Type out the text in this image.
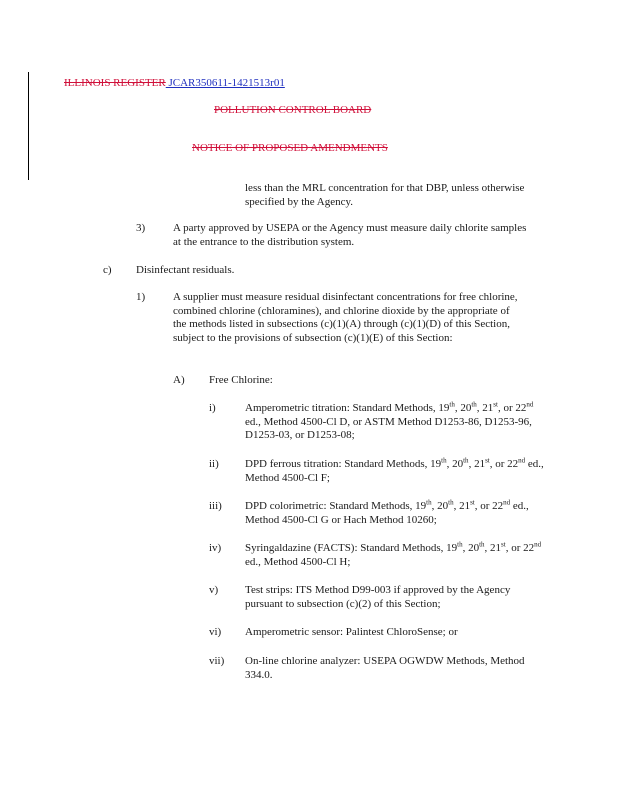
ILLINOIS REGISTER JCAR350611-1421513r01
POLLUTION CONTROL BOARD
NOTICE OF PROPOSED AMENDMENTS
less than the MRL concentration for that DBP, unless otherwise specified by the Agency.
3)	A party approved by USEPA or the Agency must measure daily chlorite samples at the entrance to the distribution system.
c) Disinfectant residuals.
1)	A supplier must measure residual disinfectant concentrations for free chlorine, combined chlorine (chloramines), and chlorine dioxide by the appropriate of the methods listed in subsections (c)(1)(A) through (c)(1)(D) of this Section, subject to the provisions of subsection (c)(1)(E) of this Section:
A) Free Chlorine:
i)	Amperometric titration: Standard Methods, 19th, 20th, 21st, or 22nd ed., Method 4500-Cl D, or ASTM Method D1253-86, D1253-96, D1253-03, or D1253-08;
ii) DPD ferrous titration: Standard Methods, 19th, 20th, 21st, or 22nd ed., Method 4500-Cl F;
iii) DPD colorimetric: Standard Methods, 19th, 20th, 21st, or 22nd ed., Method 4500-Cl G or Hach Method 10260;
iv) Syringaldazine (FACTS): Standard Methods, 19th, 20th, 21st, or 22nd ed., Method 4500-Cl H;
v) Test strips: ITS Method D99-003 if approved by the Agency pursuant to subsection (c)(2) of this Section;
vi) Amperometric sensor: Palintest ChloroSense; or
vii) On-line chlorine analyzer: USEPA OGWDW Methods, Method 334.0.
